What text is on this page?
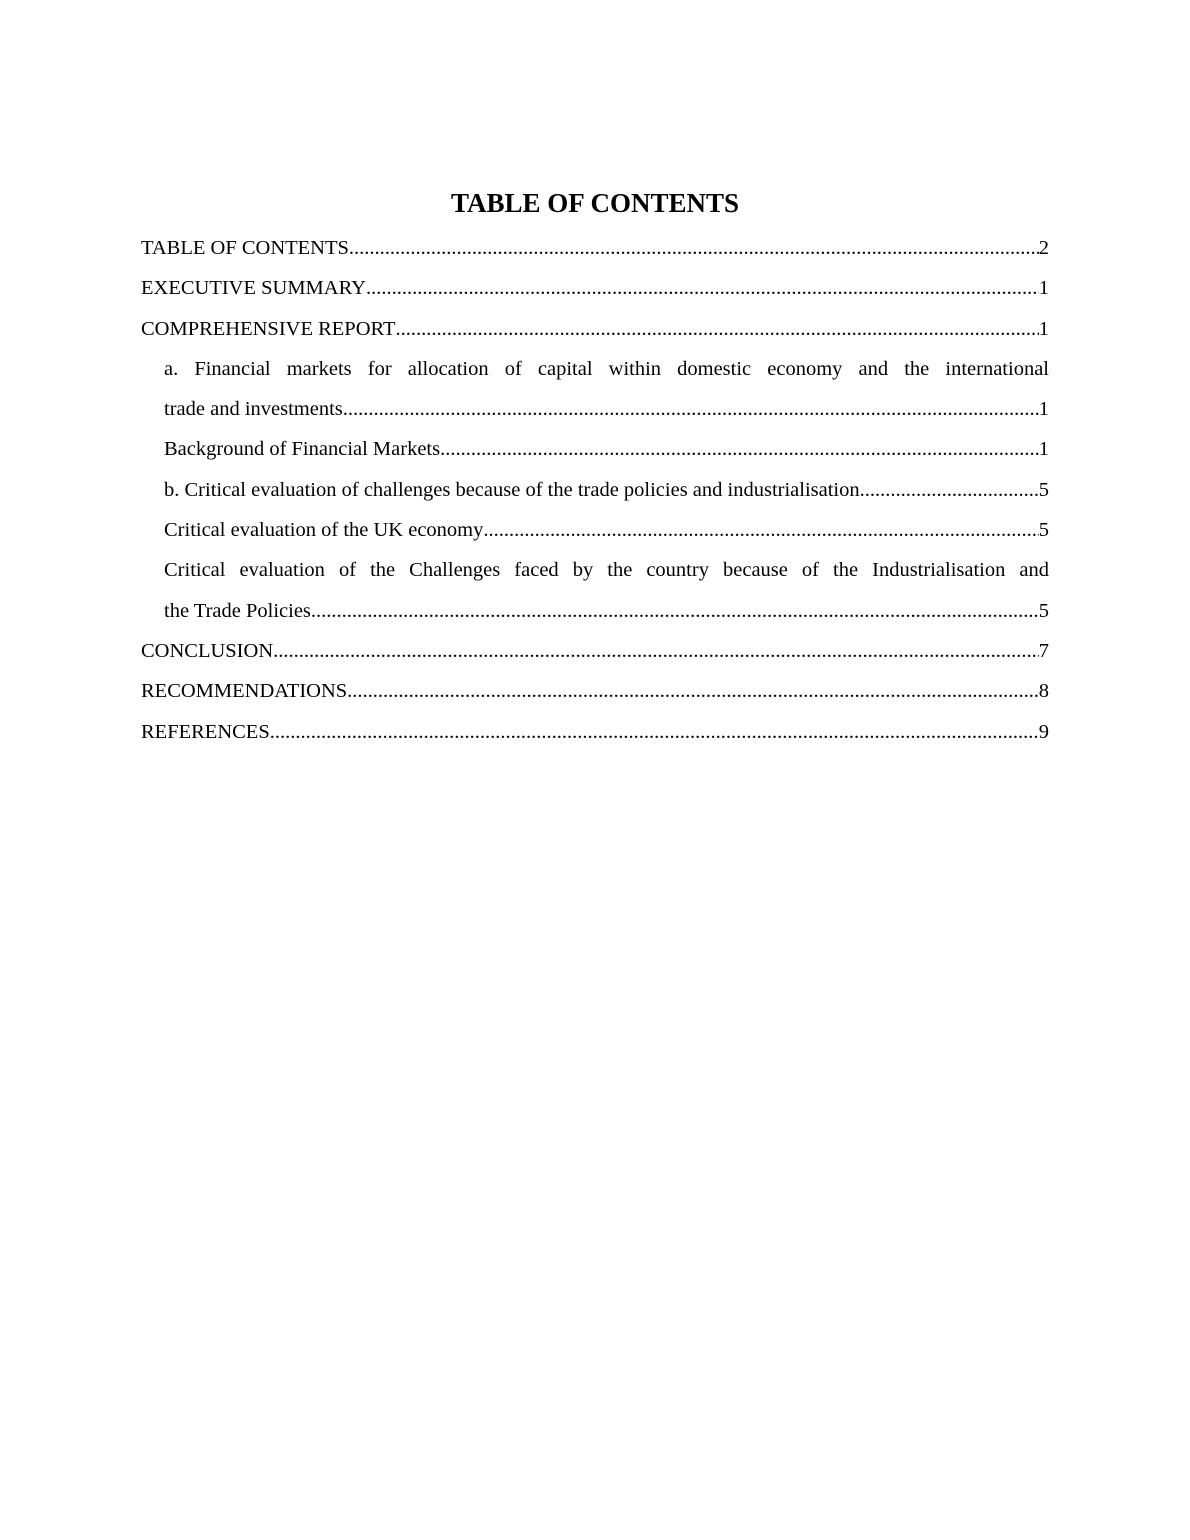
TABLE OF CONTENTS
TABLE OF CONTENTS .....	2
EXECUTIVE SUMMARY .....	1
COMPREHENSIVE REPORT .....	1
a. Financial markets for allocation of capital within domestic economy and the international
trade and investments .....	1
Background of Financial Markets .....	1
b. Critical evaluation of challenges because of the trade policies and industrialisation .....	5
Critical evaluation of the UK economy .....	5
Critical evaluation of the Challenges faced by the country because of the Industrialisation and
the Trade Policies .....	5
CONCLUSION .....	7
RECOMMENDATIONS .....	8
REFERENCES .....	9
